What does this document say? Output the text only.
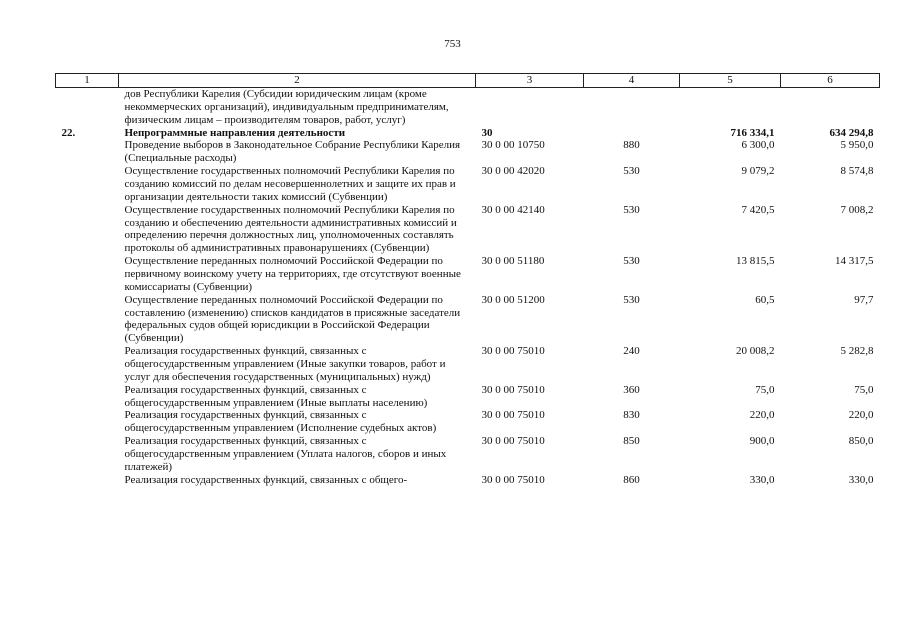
753
1	2	3	4	5	6
	дов Республики Карелия (Субсидии юридическим лицам (кроме некоммерческих организаций), индивидуальным предпринимателям, физическим лицам – производителям товаров, работ, услуг)				
22.	Непрограммные направления деятельности	30		716 334,1	634 294,8
	Проведение выборов в Законодательное Собрание Республики Карелия (Специальные расходы)	30 0 00 10750	880	6 300,0	5 950,0
	Осуществление государственных полномочий Республики Карелия по созданию комиссий по делам несовершеннолетних и защите их прав и организации деятельности таких комиссий (Субвенции)	30 0 00 42020	530	9 079,2	8 574,8
	Осуществление государственных полномочий Республики Карелия по созданию и обеспечению деятельности административных комиссий и определению перечня должностных лиц, уполномоченных составлять протоколы об административных правонарушениях (Субвенции)	30 0 00 42140	530	7 420,5	7 008,2
	Осуществление переданных полномочий Российской Федерации по первичному воинскому учету на территориях, где отсутствуют военные комиссариаты (Субвенции)	30 0 00 51180	530	13 815,5	14 317,5
	Осуществление переданных полномочий Российской Федерации по составлению (изменению) списков кандидатов в присяжные заседатели федеральных судов общей юрисдикции в Российской Федерации (Субвенции)	30 0 00 51200	530	60,5	97,7
	Реализация государственных функций, связанных с общегосударственным управлением (Иные закупки товаров, работ и услуг для обеспечения государственных (муниципальных) нужд)	30 0 00 75010	240	20 008,2	5 282,8
	Реализация государственных функций, связанных с общегосударственным управлением (Иные выплаты населению)	30 0 00 75010	360	75,0	75,0
	Реализация государственных функций, связанных с общегосударственным управлением (Исполнение судебных актов)	30 0 00 75010	830	220,0	220,0
	Реализация государственных функций, связанных с общегосударственным управлением (Уплата налогов, сборов и иных платежей)	30 0 00 75010	850	900,0	850,0
	Реализация государственных функций, связанных с общего-	30 0 00 75010	860	330,0	330,0
